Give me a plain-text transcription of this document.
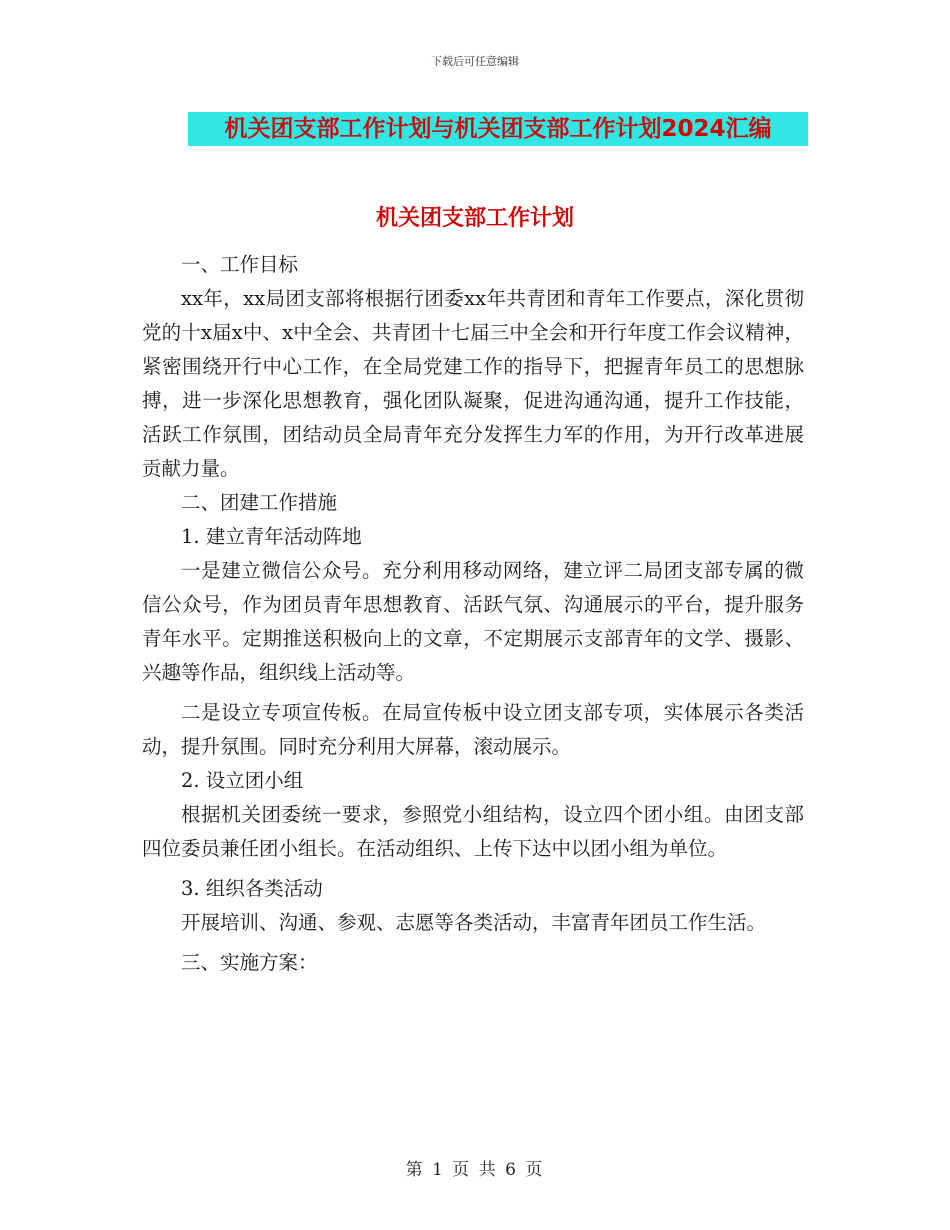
下载后可任意编辑
机关团支部工作计划与机关团支部工作计划2024汇编
机关团支部工作计划

一、工作目标

xx年，xx局团支部将根据行团委xx年共青团和青年工作要点，深化贯彻党的十x届x中、x中全会、共青团十七届三中全会和开行年度工作会议精神，紧密围绕开行中心工作，在全局党建工作的指导下，把握青年员工的思想脉搏，进一步深化思想教育，强化团队凝聚，促进沟通沟通，提升工作技能，活跃工作氛围，团结动员全局青年充分发挥生力军的作用，为开行改革进展贡献力量。

二、团建工作措施

1. 建立青年活动阵地

一是建立微信公众号。充分利用移动网络，建立评二局团支部专属的微信公众号，作为团员青年思想教育、活跃气氛、沟通展示的平台，提升服务青年水平。定期推送积极向上的文章，不定期展示支部青年的文学、摄影、兴趣等作品，组织线上活动等。

二是设立专项宣传板。在局宣传板中设立团支部专项，实体展示各类活动，提升氛围。同时充分利用大屏幕，滚动展示。

2. 设立团小组

根据机关团委统一要求，参照党小组结构，设立四个团小组。由团支部四位委员兼任团小组长。在活动组织、上传下达中以团小组为单位。

3. 组织各类活动

开展培训、沟通、参观、志愿等各类活动，丰富青年团员工作生活。

三、实施方案：

第 1 页 共 6 页
